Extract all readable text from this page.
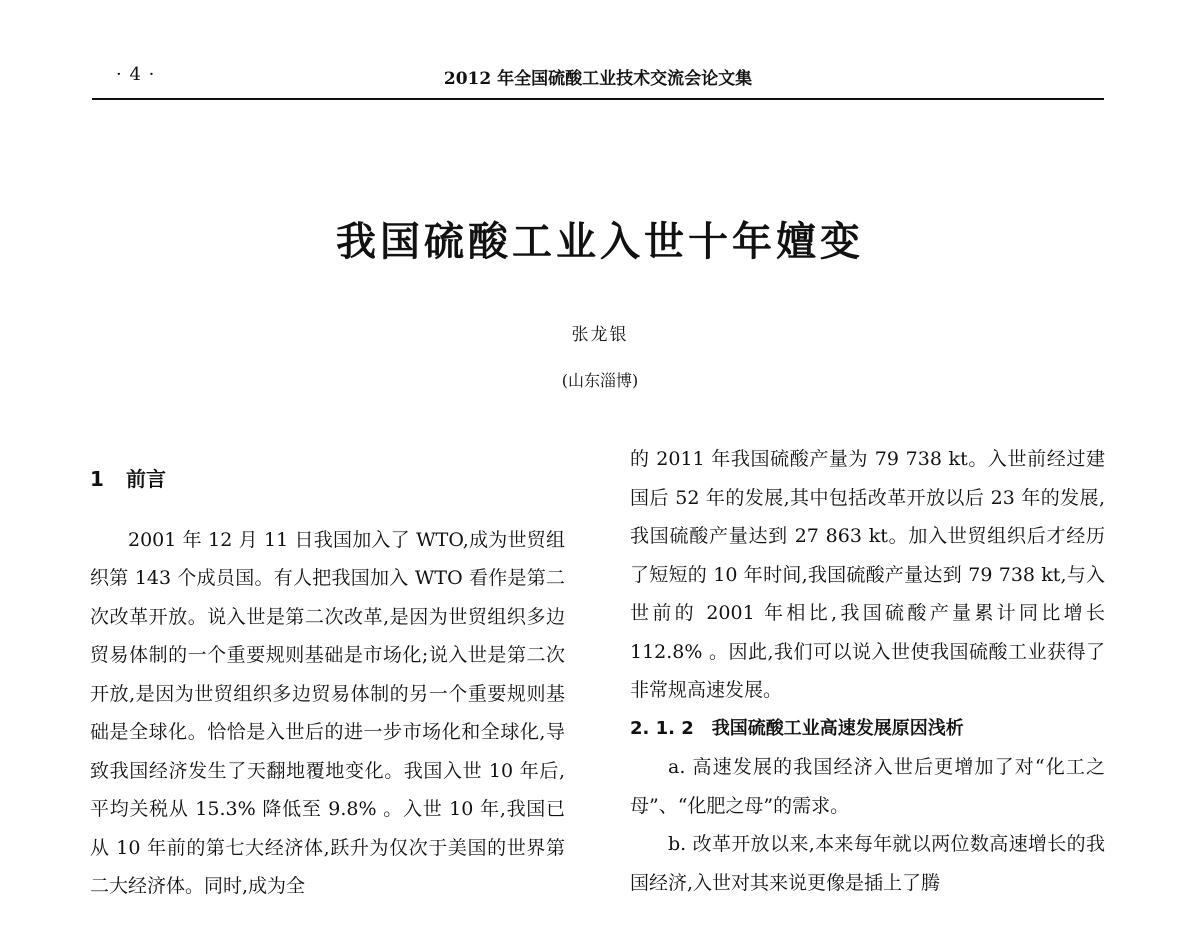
· 4 ·	2012 年全国硫酸工业技术交流会论文集
我国硫酸工业入世十年嬗变
张龙银
(山东淄博)

1 前言

2001 年 12 月 11 日我国加入了 WTO,成为世贸组织第 143 个成员国。有人把我国加入 WTO 看作是第二次改革开放。说入世是第二次改革,是因为世贸组织多边贸易体制的一个重要规则基础是市场化;说入世是第二次开放,是因为世贸组织多边贸易体制的另一个重要规则基础是全球化。恰恰是入世后的进一步市场化和全球化,导致我国经济发生了天翻地覆地变化。我国入世 10 年后,平均关税从 15.3% 降低至 9.8% 。入世 10 年,我国已从 10 年前的第七大经济体,跃升为仅次于美国的世界第二大经济体。同时,成为全

的 2011 年我国硫酸产量为 79 738 kt。入世前经过建国后 52 年的发展,其中包括改革开放以后 23 年的发展,我国硫酸产量达到 27 863 kt。加入世贸组织后才经历了短短的 10 年时间,我国硫酸产量达到 79 738 kt,与入世前的 2001 年相比,我国硫酸产量累计同比增长 112.8% 。因此,我们可以说入世使我国硫酸工业获得了非常规高速发展。

2. 1. 2　我国硫酸工业高速发展原因浅析

a. 高速发展的我国经济入世后更增加了对“化工之母”、“化肥之母”的需求。

b. 改革开放以来,本来每年就以两位数高速增长的我国经济,入世对其来说更像是插上了腾
